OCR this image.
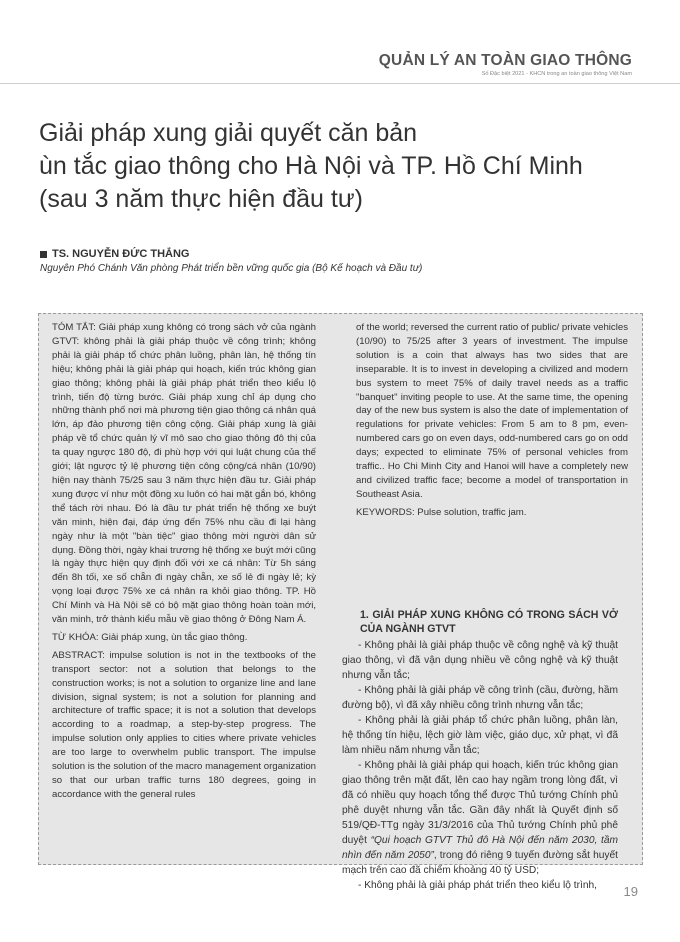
QUẢN LÝ AN TOÀN GIAO THÔNG
Số Đặc biệt 2021 - KHCN trong an toàn giao thông Việt Nam
Giải pháp xung giải quyết căn bản
ùn tắc giao thông cho Hà Nội và TP. Hồ Chí Minh
(sau 3 năm thực hiện đầu tư)
TS. NGUYỄN ĐỨC THẮNG
Nguyên Phó Chánh Văn phòng Phát triển bền vững quốc gia (Bộ Kế hoạch và Đầu tư)

TÓM TẮT: Giải pháp xung không có trong sách vở của ngành GTVT: không phải là giải pháp thuộc về công trình; không phải là giải pháp tổ chức phân luồng, phân làn, hệ thống tín hiệu; không phải là giải pháp qui hoạch, kiến trúc không gian giao thông; không phải là giải pháp phát triển theo kiểu lộ trình, tiến độ từng bước. Giải pháp xung chỉ áp dụng cho những thành phố nơi mà phương tiện giao thông cá nhân quá lớn, áp đảo phương tiện công cộng. Giải pháp xung là giải pháp về tổ chức quản lý vĩ mô sao cho giao thông đô thị của ta quay ngược 180 độ, đi phù hợp với qui luật chung của thế giới; lật ngược tỷ lệ phương tiện công cộng/cá nhân (10/90) hiện nay thành 75/25 sau 3 năm thực hiện đầu tư. Giải pháp xung được ví như một đồng xu luôn có hai mặt gắn bó, không thể tách rời nhau. Đó là đầu tư phát triển hệ thống xe buýt văn minh, hiện đại, đáp ứng đến 75% nhu cầu đi lại hàng ngày như là một "bàn tiệc" giao thông mời người dân sử dụng. Đồng thời, ngày khai trương hệ thống xe buýt mới cũng là ngày thực hiện quy định đối với xe cá nhân: Từ 5h sáng đến 8h tối, xe số chẵn đi ngày chẵn, xe số lẻ đi ngày lẻ; kỳ vọng loại được 75% xe cá nhân ra khỏi giao thông. TP. Hồ Chí Minh và Hà Nội sẽ có bộ mặt giao thông hoàn toàn mới, văn minh, trở thành kiểu mẫu về giao thông ở Đông Nam Á.

TỪ KHÓA: Giải pháp xung, ùn tắc giao thông.

ABSTRACT: impulse solution is not in the textbooks of the transport sector: not a solution that belongs to the construction works; is not a solution to organize line and lane division, signal system; is not a solution for planning and architecture of traffic space; it is not a solution that develops according to a roadmap, a step-by-step progress. The impulse solution only applies to cities where private vehicles are too large to overwhelm public transport. The impulse solution is the solution of the macro management organization so that our urban traffic turns 180 degrees, going in accordance with the general rules

of the world; reversed the current ratio of public/ private vehicles (10/90) to 75/25 after 3 years of investment. The impulse solution is a coin that always has two sides that are inseparable. It is to invest in developing a civilized and modern bus system to meet 75% of daily travel needs as a traffic "banquet" inviting people to use. At the same time, the opening day of the new bus system is also the date of implementation of regulations for private vehicles: From 5 am to 8 pm, even-numbered cars go on even days, odd-numbered cars go on odd days; expected to eliminate 75% of personal vehicles from traffic.. Ho Chi Minh City and Hanoi will have a completely new and civilized traffic face; become a model of transportation in Southeast Asia.

KEYWORDS: Pulse solution, traffic jam.

1. GIẢI PHÁP XUNG KHÔNG CÓ TRONG SÁCH VỞ CỦA NGÀNH GTVT

- Không phải là giải pháp thuộc về công nghệ và kỹ thuật giao thông, vì đã vận dụng nhiều về công nghệ và kỹ thuật nhưng vẫn tắc;

- Không phải là giải pháp về công trình (cầu, đường, hầm đường bộ), vì đã xây nhiều công trình nhưng vẫn tắc;

- Không phải là giải pháp tổ chức phân luồng, phân làn, hệ thống tín hiệu, lệch giờ làm việc, giáo dục, xử phạt, vì đã làm nhiều năm nhưng vẫn tắc;

- Không phải là giải pháp qui hoạch, kiến trúc không gian giao thông trên mặt đất, lên cao hay ngầm trong lòng đất, vì đã có nhiều quy hoạch tổng thể được Thủ tướng Chính phủ phê duyệt nhưng vẫn tắc. Gần đây nhất là Quyết định số 519/QĐ-TTg ngày 31/3/2016 của Thủ tướng Chính phủ phê duyệt “Qui hoạch GTVT Thủ đô Hà Nội đến năm 2030, tầm nhìn đến năm 2050”, trong đó riêng 9 tuyến đường sắt huyết mạch trên cao đã chiếm khoảng 40 tỷ USD;

- Không phải là giải pháp phát triển theo kiểu lộ trình,	19
